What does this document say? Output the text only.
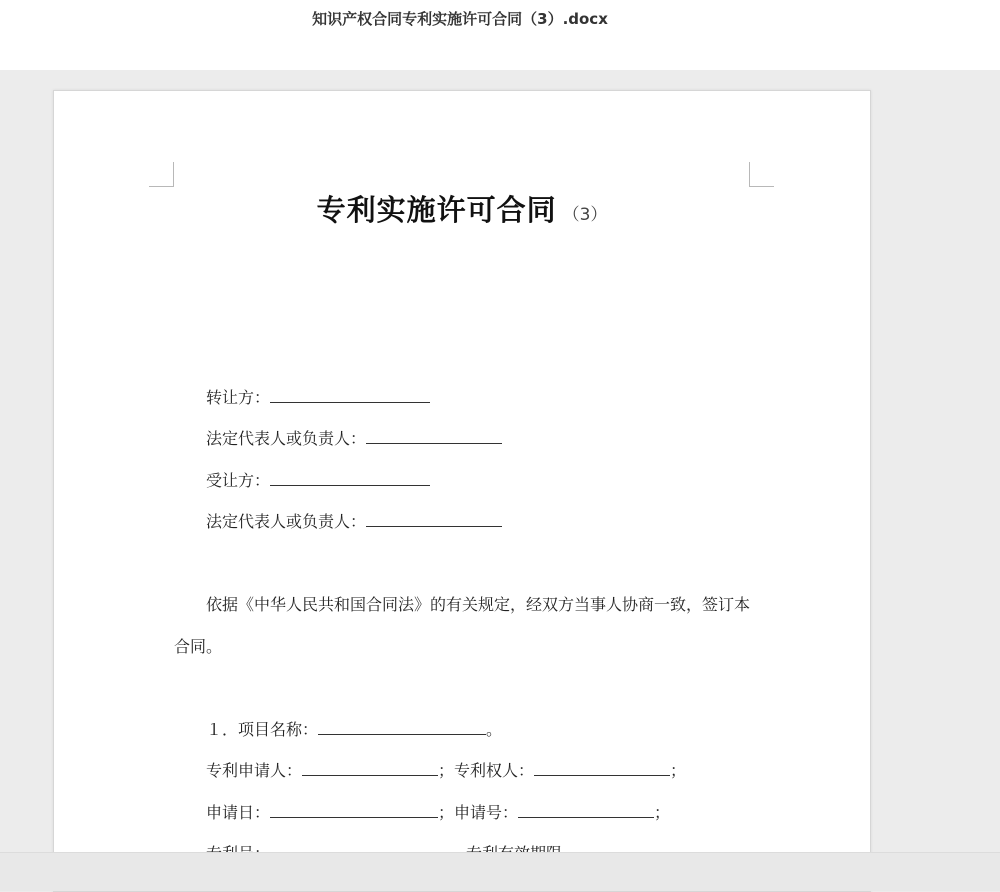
知识产权合同专利实施许可合同（3）.docx
专利实施许可合同 （3）
转让方：
法定代表人或负责人：
受让方：
法定代表人或负责人：
依据《中华人民共和国合同法》的有关规定，经双方当事人协商一致，签订本
合同。
１．项目名称：	。
专利申请人：	；专利权人：	；
申请日：	；申请号：	；
